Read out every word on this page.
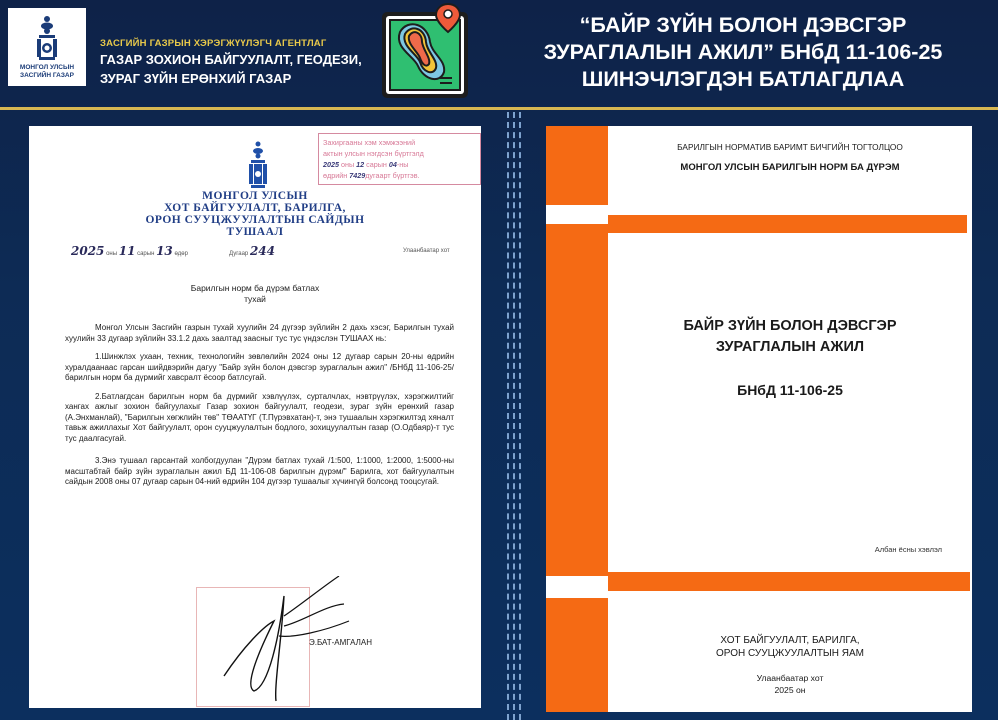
МОНГОЛ УЛСЫН
ЗАСГИЙН ГАЗАР
ЗАСГИЙН ГАЗРЫН ХЭРЭГЖҮҮЛЭГЧ АГЕНТЛАГ
ГАЗАР ЗОХИОН БАЙГУУЛАЛТ, ГЕОДЕЗИ,
ЗУРАГ ЗҮЙН ЕРӨНХИЙ ГАЗАР
“БАЙР ЗҮЙН БОЛОН ДЭВСГЭР
ЗУРАГЛАЛЫН АЖИЛ” БНбД 11-106-25
ШИНЭЧЛЭГДЭН БАТЛАГДЛАА
Захиргааны хэм хэмжээний
актын улсын нэгдсэн бүртгэлд
2025 оны 12 сарын 04-ны
өдрийн 7429дугаарт бүртгэв.
МОНГОЛ УЛСЫН
ХОТ БАЙГУУЛАЛТ, БАРИЛГА,
ОРОН СУУЦЖУУЛАЛТЫН САЙДЫН
ТУШААЛ
2025 оны 11 сарын 13 өдөр	Дугаар 244	Улаанбаатар хот
Барилгын норм ба дүрэм батлах
тухай

Монгол Улсын Засгийн газрын тухай хуулийн 24 дүгээр зүйлийн 2 дахь хэсэг, Барилгын тухай хуулийн 33 дугаар зүйлийн 33.1.2 дахь заалтад заасныг тус тус үндэслэн ТУШААХ нь:

1.Шинжлэх ухаан, техник, технологийн зөвлөлийн 2024 оны 12 дугаар сарын 20-ны өдрийн хуралдаанаас гарсан шийдвэрийн дагуу "Байр зүйн болон дэвсгэр зураглалын ажил" /БНбД 11-106-25/ барилгын норм ба дүрмийг хавсралт ёсоор батлсугай.

2.Батлагдсан барилгын норм ба дүрмийг хэвлүүлэх, сурталчлах, нэвтрүүлэх, хэрэгжилтийг хангах ажлыг зохион байгуулахыг Газар зохион байгуулалт, геодези, зураг зүйн ерөнхий газар (А.Энхманлай), "Барилгын хөгжлийн төв" ТӨААТҮГ (Т.Пүрэвхатан)-т, энэ тушаалын хэрэгжилтэд хяналт тавьж ажиллахыг Хот байгуулалт, орон сууцжуулалтын бодлого, зохицуулалтын газар (О.Одбаяр)-т тус тус даалгасугай.

3.Энэ тушаал гарсантай холбогдуулан "Дүрэм батлах тухай /1:500, 1:1000, 1:2000, 1:5000-ны масштабтай байр зүйн зураглалын ажил БД 11-106-08 барилгын дүрэм/" Барилга, хот байгуулалтын сайдын 2008 оны 07 дугаар сарын 04-ний өдрийн 104 дүгээр тушаалыг хүчингүй болсонд тооцсугай.

Э.БАТ-АМГАЛАН
БАРИЛГЫН НОРМАТИВ БАРИМТ БИЧГИЙН ТОГТОЛЦОО
МОНГОЛ УЛСЫН БАРИЛГЫН НОРМ БА ДҮРЭМ
БАЙР ЗҮЙН БОЛОН ДЭВСГЭР
ЗУРАГЛАЛЫН АЖИЛ
БНбД 11-106-25
Албан ёсны хэвлэл
ХОТ БАЙГУУЛАЛТ, БАРИЛГА,
ОРОН СУУЦЖУУЛАЛТЫН ЯАМ
Улаанбаатар хот
2025 он
